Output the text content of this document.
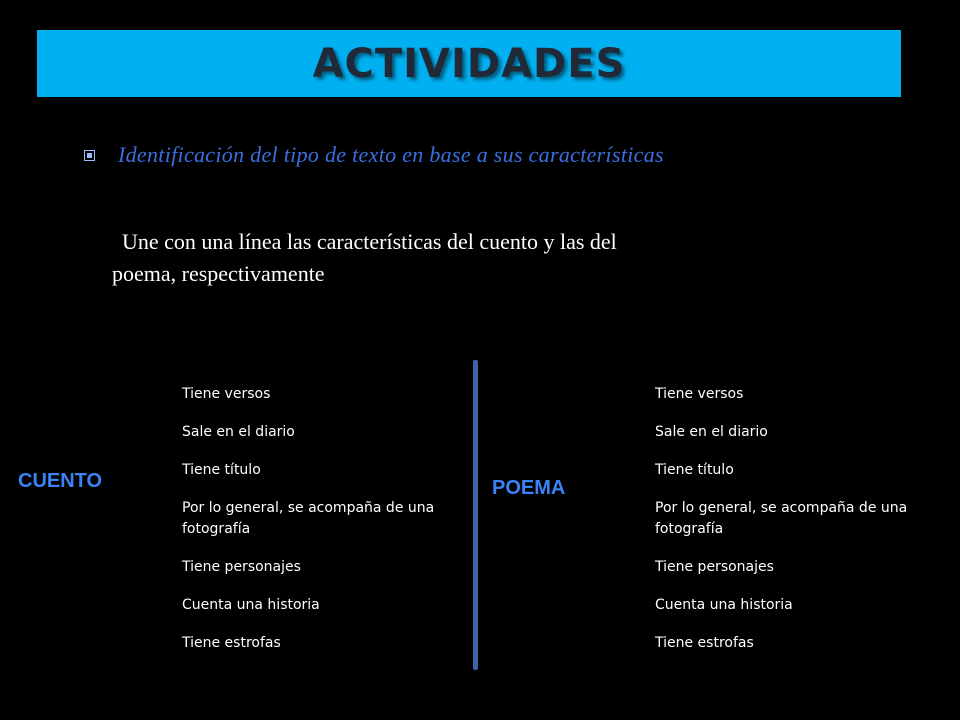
ACTIVIDADES
Identificación del tipo de texto en base a sus características
Une con una línea las características del cuento y las del
poema, respectivamente
CUENTO
Tiene versos
Sale en el diario
Tiene título
Por lo general, se acompaña de una fotografía
Tiene personajes
Cuenta una historia
Tiene estrofas
POEMA
Tiene versos
Sale en el diario
Tiene título
Por lo general, se acompaña de una fotografía
Tiene personajes
Cuenta una historia
Tiene estrofas
